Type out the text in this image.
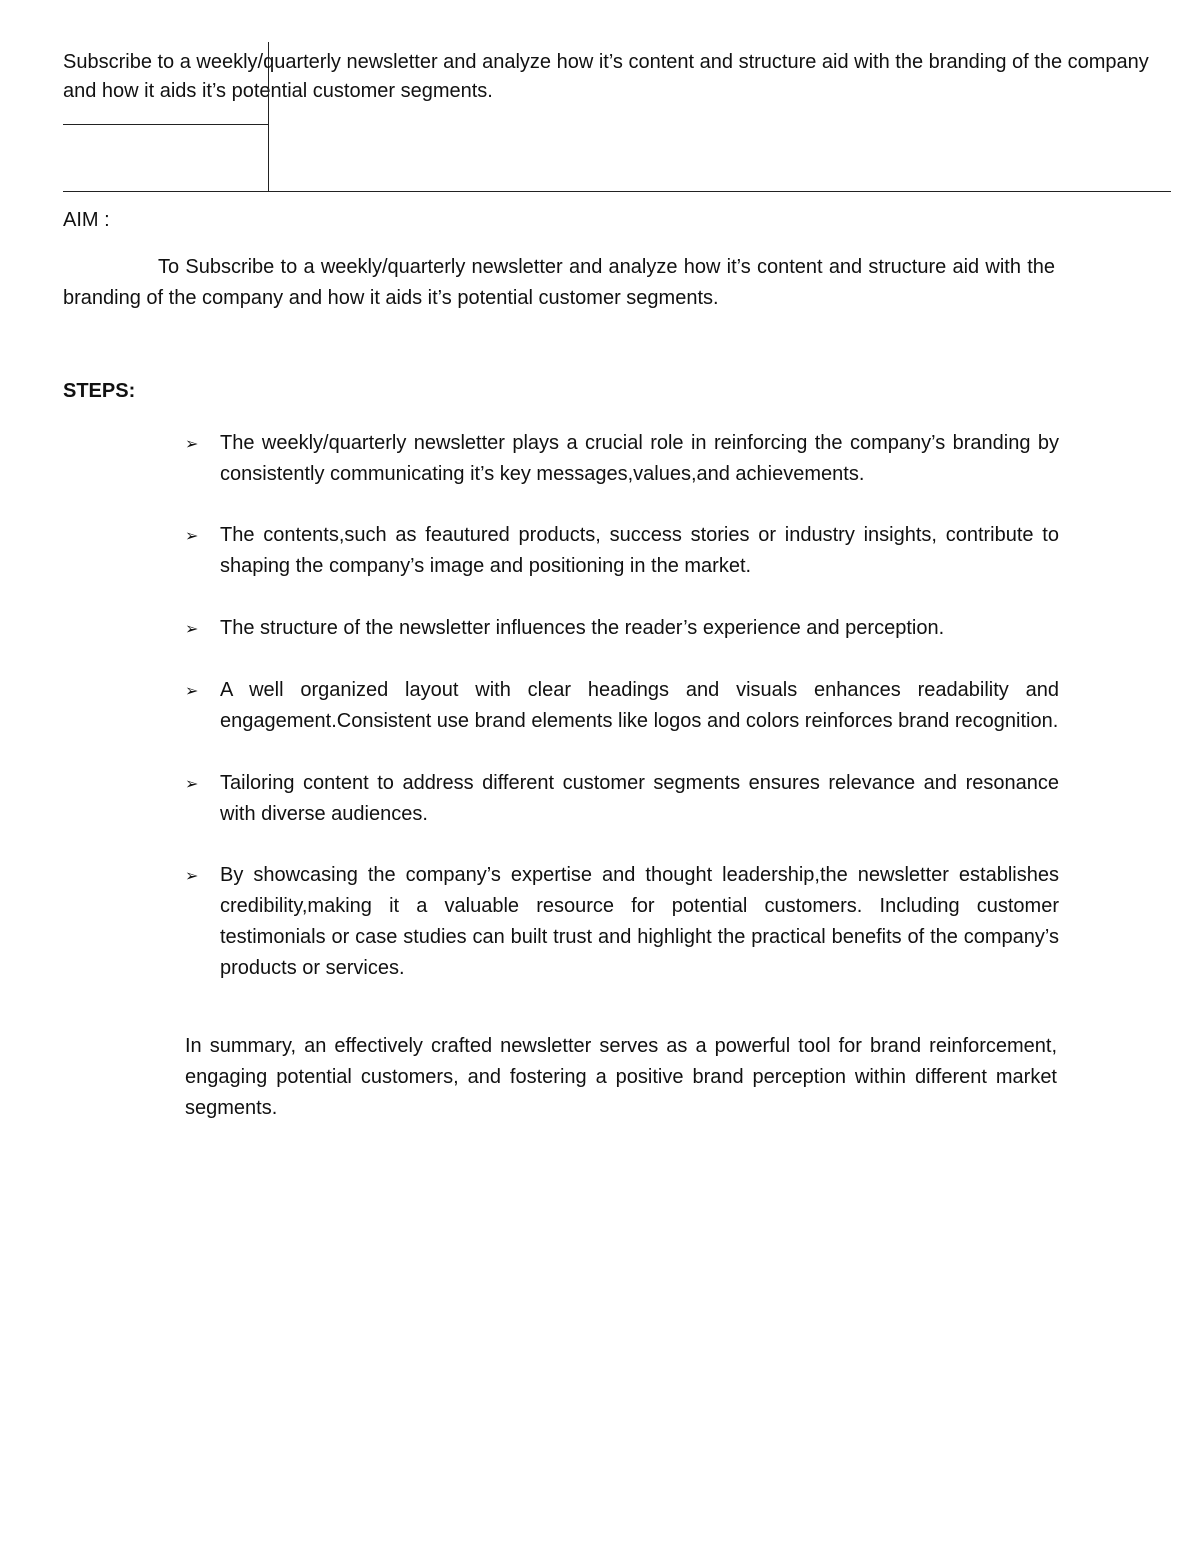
Subscribe to a weekly/quarterly newsletter and analyze how it’s content and structure aid with the branding of the company and how it aids it’s potential customer segments.
AIM :
To Subscribe to a weekly/quarterly newsletter and analyze how it’s content and structure aid with the branding of the company and how it aids it’s potential customer segments.
STEPS:
➢	The weekly/quarterly newsletter plays a crucial role in reinforcing the company’s branding by consistently communicating it’s key messages,values,and achievements.
➢	The contents,such as feautured products, success stories or industry insights, contribute to shaping the company’s image and positioning in the market.
➢	The structure of the newsletter influences the reader’s experience and perception.
➢	A well organized layout with clear headings and visuals enhances readability and engagement.Consistent use brand elements like logos and colors reinforces brand recognition.
➢	Tailoring content to address different customer segments ensures relevance and resonance with diverse audiences.
➢	By showcasing the company’s expertise and thought leadership,the newsletter establishes credibility,making it a valuable resource for potential customers. Including customer testimonials or case studies can built trust and highlight the practical benefits of the company’s products or services.
In summary, an effectively crafted newsletter serves as a powerful tool for brand reinforcement, engaging potential customers, and fostering a positive brand perception within different market segments.
